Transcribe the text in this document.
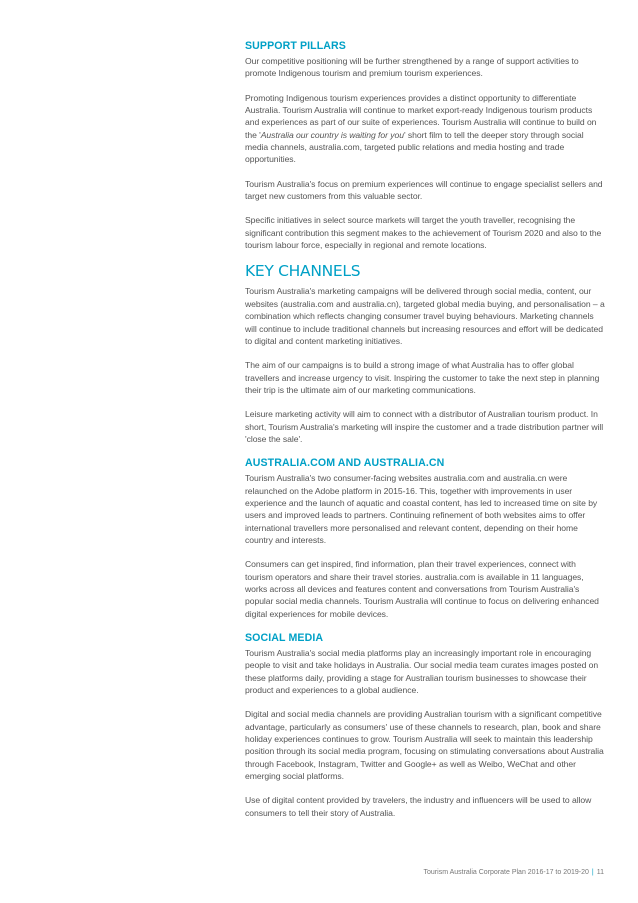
SUPPORT PILLARS

Our competitive positioning will be further strengthened by a range of support activities to promote Indigenous tourism and premium tourism experiences.

Promoting Indigenous tourism experiences provides a distinct opportunity to differentiate Australia. Tourism Australia will continue to market export-ready Indigenous tourism products and experiences as part of our suite of experiences. Tourism Australia will continue to build on the 'Australia our country is waiting for you' short film to tell the deeper story through social media channels, australia.com, targeted public relations and media hosting and trade opportunities.

Tourism Australia's focus on premium experiences will continue to engage specialist sellers and target new customers from this valuable sector.

Specific initiatives in select source markets will target the youth traveller, recognising the significant contribution this segment makes to the achievement of Tourism 2020 and also to the tourism labour force, especially in regional and remote locations.

KEY CHANNELS

Tourism Australia's marketing campaigns will be delivered through social media, content, our websites (australia.com and australia.cn), targeted global media buying, and personalisation – a combination which reflects changing consumer travel buying behaviours. Marketing channels will continue to include traditional channels but increasing resources and effort will be dedicated to digital and content marketing initiatives.

The aim of our campaigns is to build a strong image of what Australia has to offer global travellers and increase urgency to visit. Inspiring the customer to take the next step in planning their trip is the ultimate aim of our marketing communications.

Leisure marketing activity will aim to connect with a distributor of Australian tourism product. In short, Tourism Australia's marketing will inspire the customer and a trade distribution partner will 'close the sale'.

AUSTRALIA.COM AND AUSTRALIA.CN

Tourism Australia's two consumer-facing websites australia.com and australia.cn were relaunched on the Adobe platform in 2015-16. This, together with improvements in user experience and the launch of aquatic and coastal content, has led to increased time on site by users and improved leads to partners. Continuing refinement of both websites aims to offer international travellers more personalised and relevant content, depending on their home country and interests.

Consumers can get inspired, find information, plan their travel experiences, connect with tourism operators and share their travel stories. australia.com is available in 11 languages, works across all devices and features content and conversations from Tourism Australia's popular social media channels. Tourism Australia will continue to focus on delivering enhanced digital experiences for mobile devices.

SOCIAL MEDIA

Tourism Australia's social media platforms play an increasingly important role in encouraging people to visit and take holidays in Australia. Our social media team curates images posted on these platforms daily, providing a stage for Australian tourism businesses to showcase their product and experiences to a global audience.

Digital and social media channels are providing Australian tourism with a significant competitive advantage, particularly as consumers' use of these channels to research, plan, book and share holiday experiences continues to grow. Tourism Australia will seek to maintain this leadership position through its social media program, focusing on stimulating conversations about Australia through Facebook, Instagram, Twitter and Google+ as well as Weibo, WeChat and other emerging social platforms.

Use of digital content provided by travelers, the industry and influencers will be used to allow consumers to tell their story of Australia.

Tourism Australia Corporate Plan 2016-17 to 2019-20 | 11
